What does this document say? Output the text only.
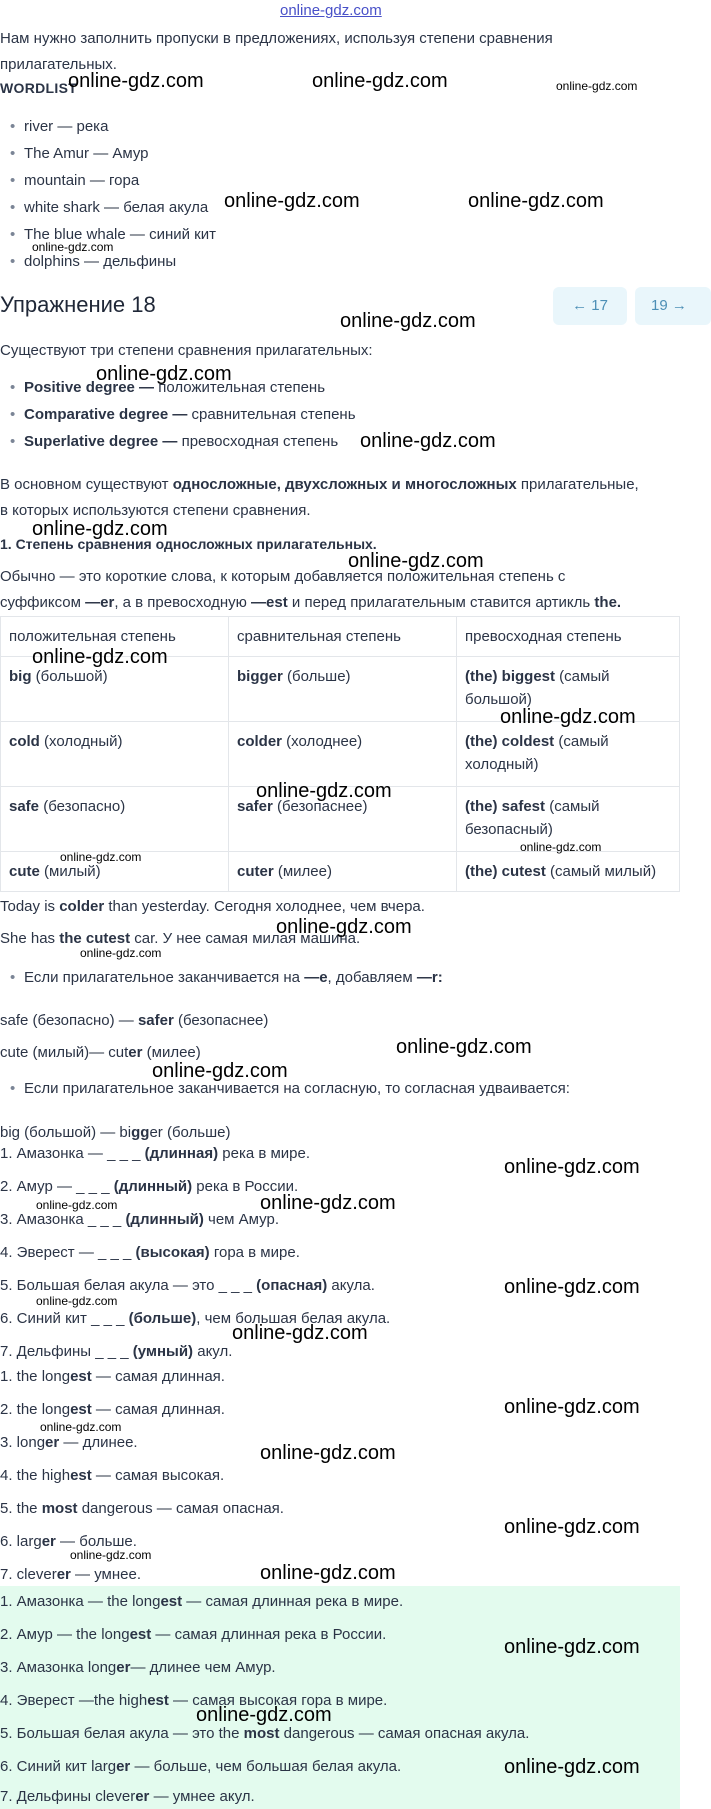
online-gdz.com
Нам нужно заполнить пропуски в предложениях, используя степени сравнения
прилагательных.
WORDLIST
• river — река
• The Amur — Амур
• mountain — гора
• white shark — белая акула
• The blue whale — синий кит
• dolphins — дельфины
Упражнение 18	← 17	19 →
Существуют три степени сравнения прилагательных:
• Positive degree — положительная степень
• Comparative degree — сравнительная степень
• Superlative degree — превосходная степень
В основном существуют односложные, двухсложных и многосложных прилагательные,
в которых используются степени сравнения.
1. Степень сравнения односложных прилагательных.
Обычно — это короткие слова, к которым добавляется положительная степень с
суффиксом —er, а в превосходную —est и перед прилагательным ставится артикль the.
положительная степень	сравнительная степень	превосходная степень
big (большой)	bigger (больше)	(the) biggest (самый
большой)
cold (холодный)	colder (холоднее)	(the) coldest (самый
холодный)
safe (безопасно)	safer (безопаснее)	(the) safest (самый
безопасный)
cute (милый)	cuter (милее)	(the) cutest (самый милый)
Today is colder than yesterday. Сегодня холоднее, чем вчера.
She has the cutest car. У нее самая милая машина.
• Если прилагательное заканчивается на —e, добавляем —r:
safe (безопасно) — safer (безопаснее)
cute (милый)— cuter (милее)
• Если прилагательное заканчивается на согласную, то согласная удваивается:
big (большой) — bigger (больше)
1. Амазонка — _ _ _ (длинная) река в мире.
2. Амур — _ _ _ (длинный) река в России.
3. Амазонка _ _ _ (длинный) чем Амур.
4. Эверест — _ _ _ (высокая) гора в мире.
5. Большая белая акула — это _ _ _ (опасная) акула.
6. Синий кит _ _ _ (больше), чем большая белая акула.
7. Дельфины _ _ _ (умный) акул.
1. the longest — самая длинная.
2. the longest — самая длинная.
3. longer — длинее.
4. the highest — самая высокая.
5. the most dangerous — самая опасная.
6. larger — больше.
7. cleverer — умнее.
1. Амазонка — the longest — самая длинная река в мире.
2. Амур — the longest — самая длинная река в России.
3. Амазонка longer— длинее чем Амур.
4. Эверест —the highest — самая высокая гора в мире.
5. Большая белая акула — это the most dangerous — самая опасная акула.
6. Синий кит larger — больше, чем большая белая акула.
7. Дельфины cleverer — умнее акул.
online-gdz.com	online-gdz.com	online-gdz.com
online-gdz.com	online-gdz.com
online-gdz.com
online-gdz.com
online-gdz.com
online-gdz.com
online-gdz.com
online-gdz.com
online-gdz.com
online-gdz.com
online-gdz.com
online-gdz.com
online-gdz.com
online-gdz.com
online-gdz.com
online-gdz.com
online-gdz.com
online-gdz.com
online-gdz.com
online-gdz.com
online-gdz.com
online-gdz.com
online-gdz.com
online-gdz.com
online-gdz.com
online-gdz.com
online-gdz.com
online-gdz.com
online-gdz.com
online-gdz.com
online-gdz.com
online-gdz.com
